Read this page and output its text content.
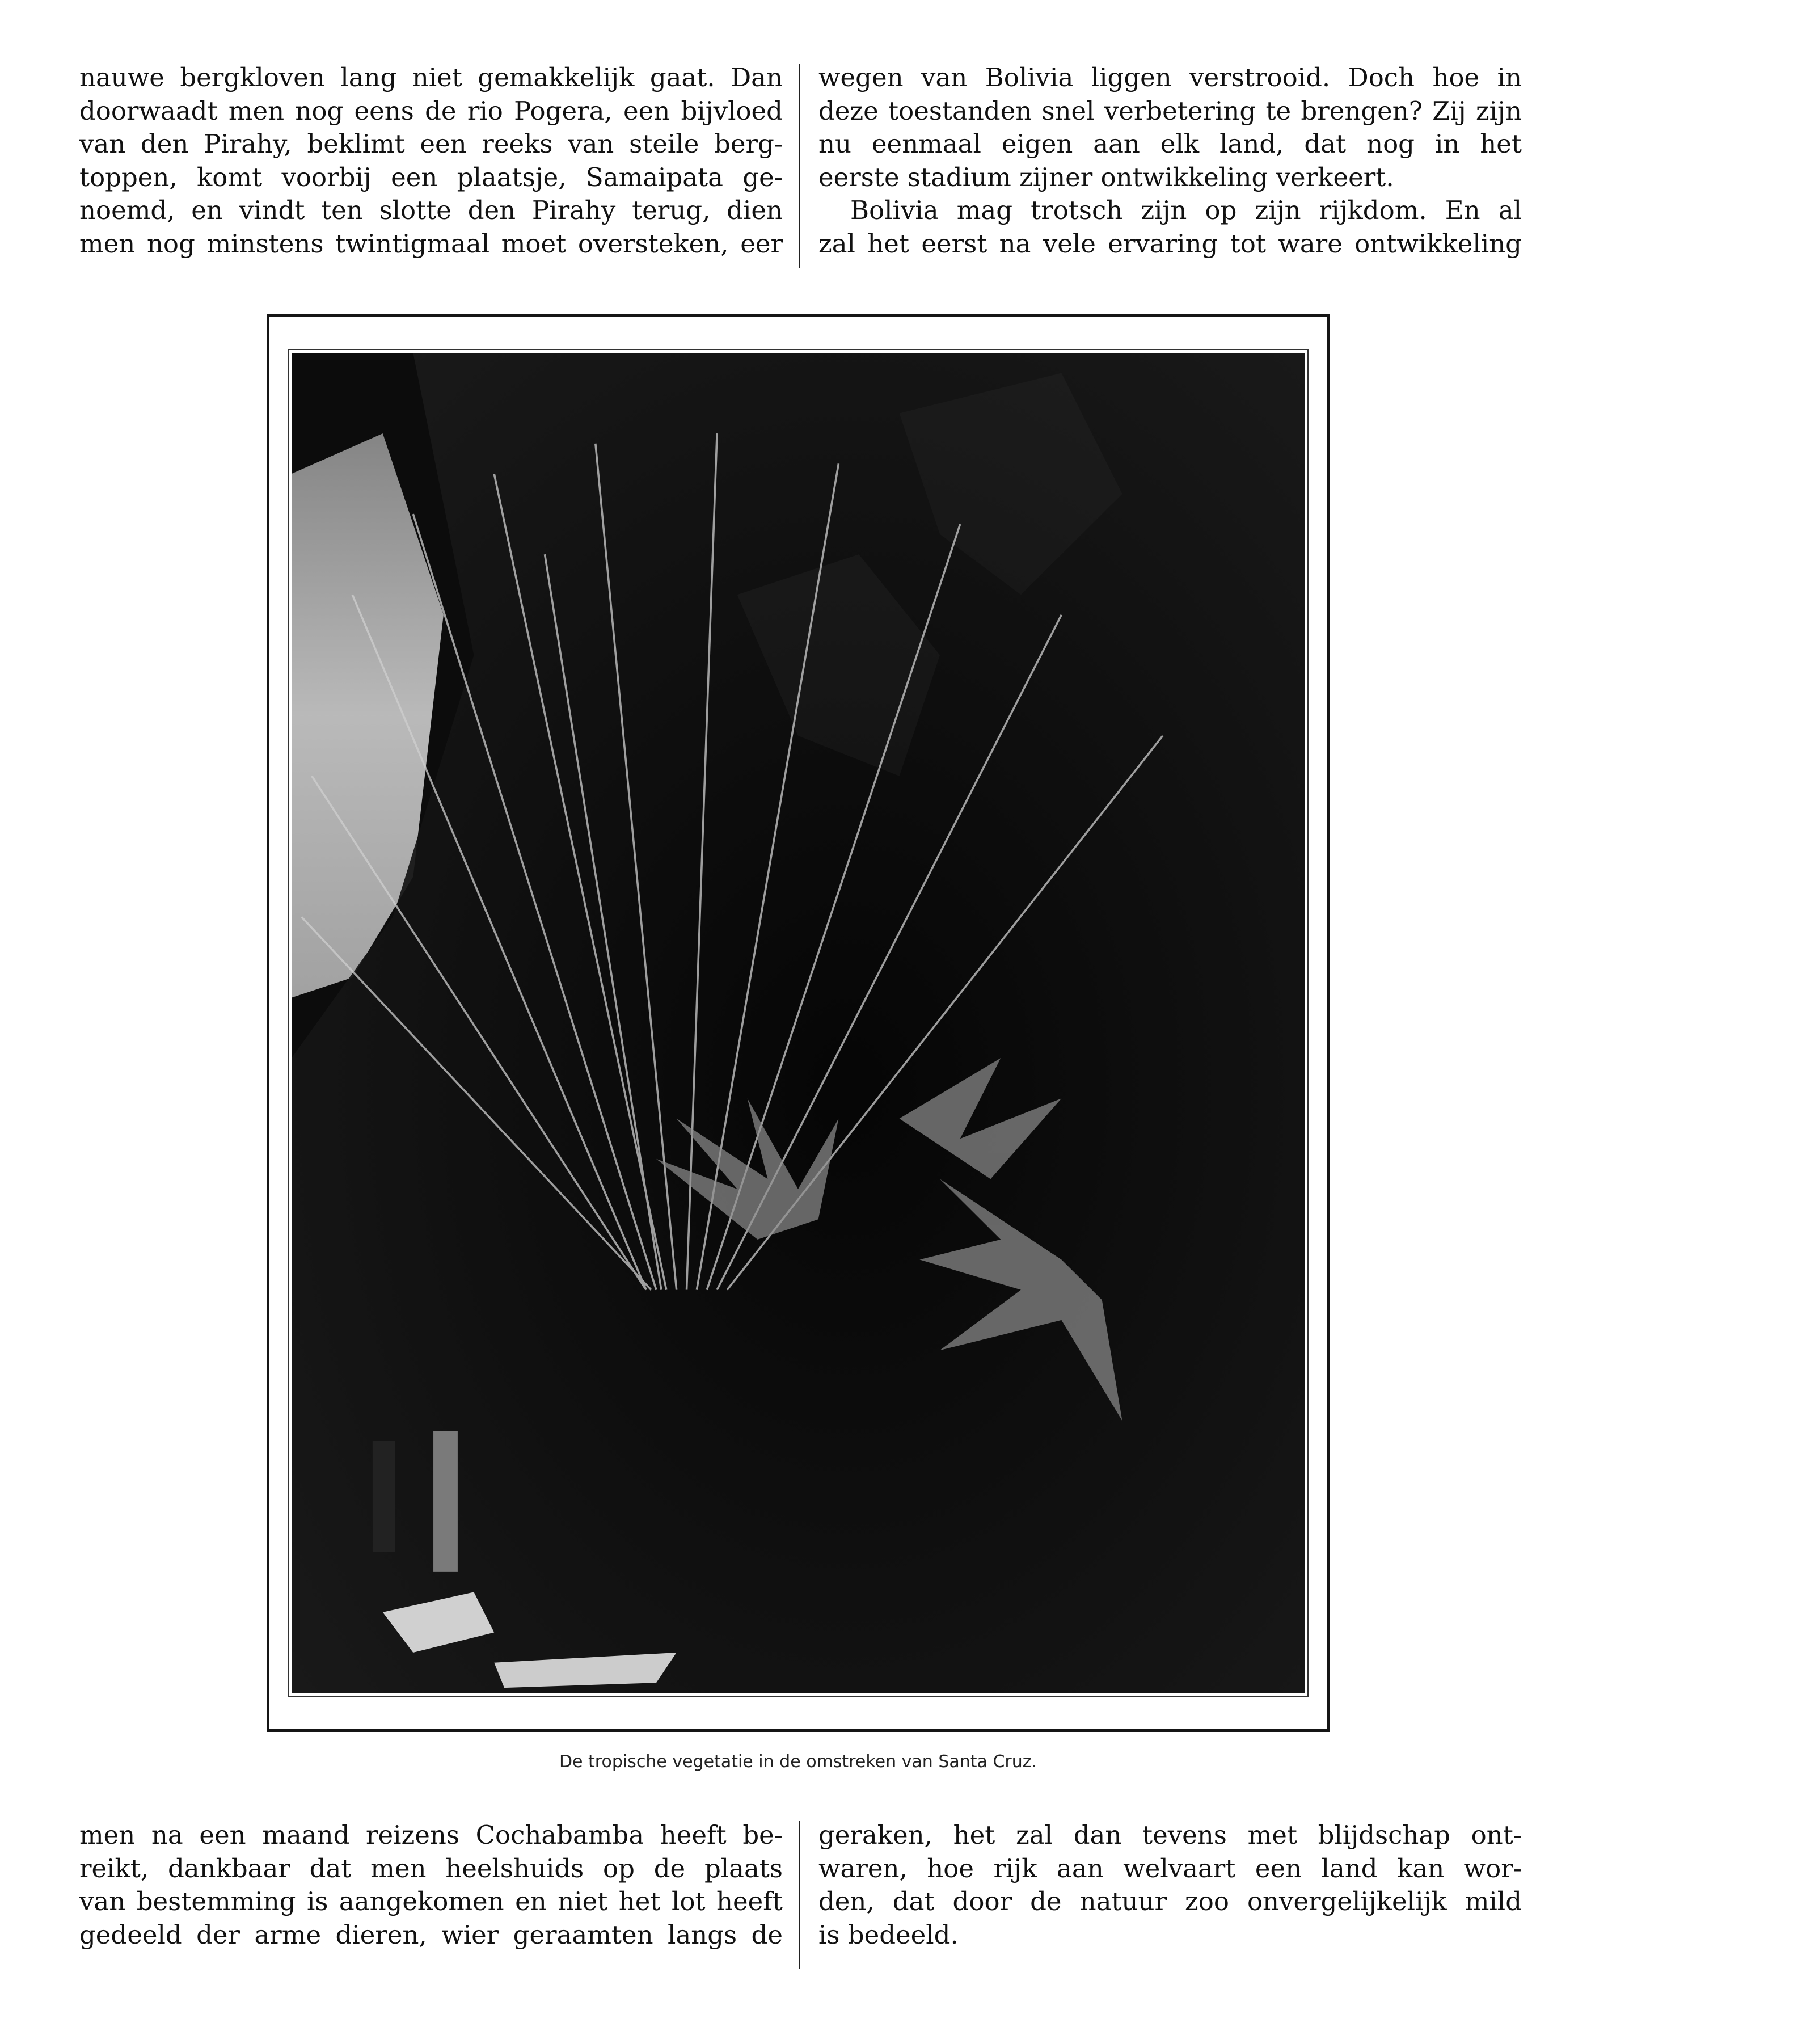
nauwe bergkloven lang niet gemakkelijk gaat. Dan

doorwaadt men nog eens de rio Pogera, een bijvloed

van den Pirahy, beklimt een reeks van steile berg-

toppen, komt voorbij een plaatsje, Samaipata ge-

noemd, en vindt ten slotte den Pirahy terug, dien

men nog minstens twintigmaal moet oversteken, eer

wegen van Bolivia liggen verstrooid. Doch hoe in

deze toestanden snel verbetering te brengen? Zij zijn

nu eenmaal eigen aan elk land, dat nog in het

eerste stadium zijner ontwikkeling verkeert.

Bolivia mag trotsch zijn op zijn rijkdom. En al

zal het eerst na vele ervaring tot ware ontwikkeling

De tropische vegetatie in de omstreken van Santa Cruz.

men na een maand reizens Cochabamba heeft be-

reikt, dankbaar dat men heelshuids op de plaats

van bestemming is aangekomen en niet het lot heeft

gedeeld der arme dieren, wier geraamten langs de

geraken, het zal dan tevens met blijdschap ont-

waren, hoe rijk aan welvaart een land kan wor-

den, dat door de natuur zoo onvergelijkelijk mild

is bedeeld.
